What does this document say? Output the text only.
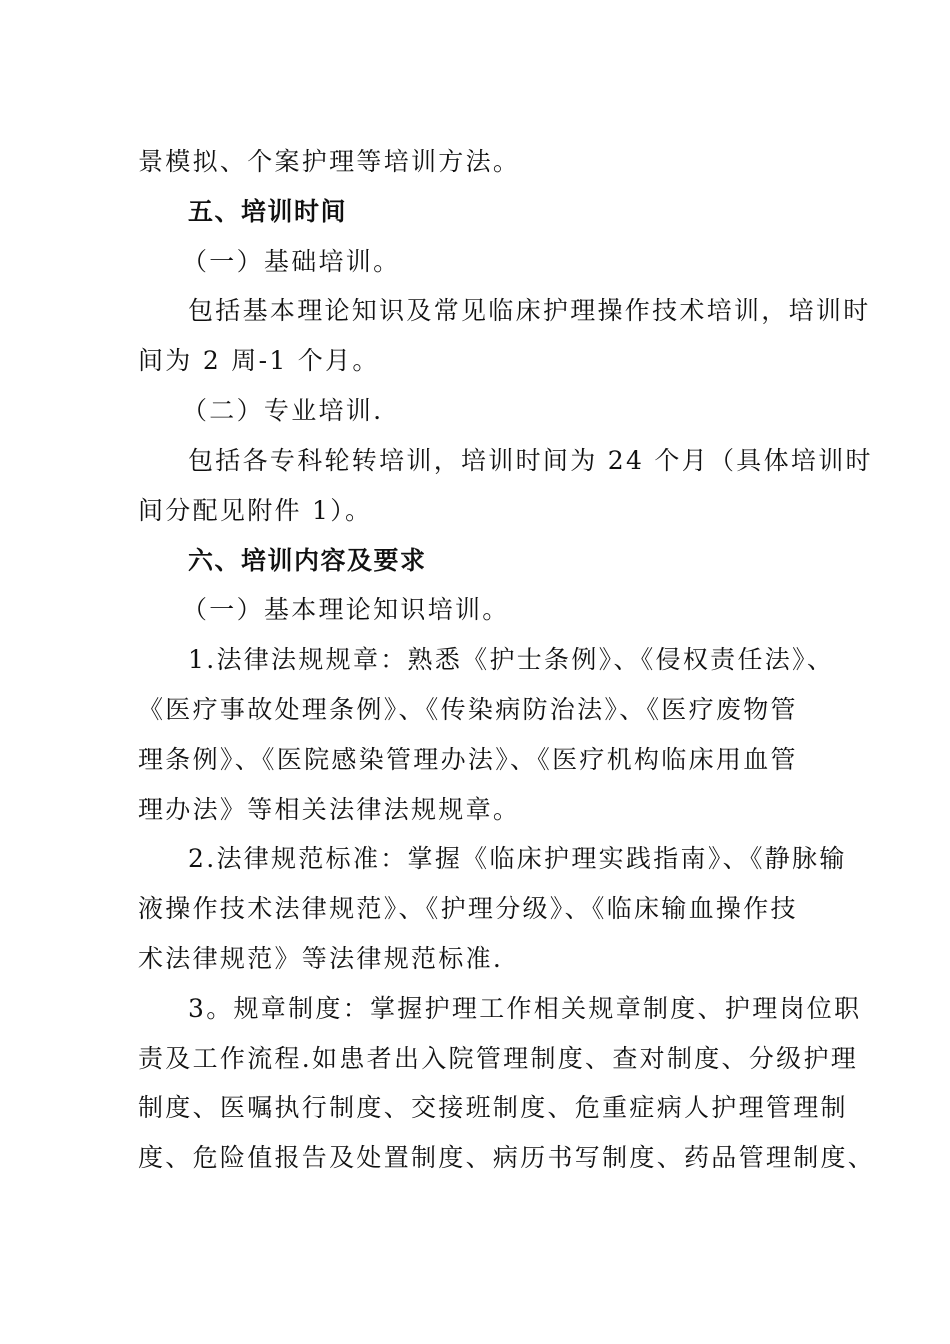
景模拟、个案护理等培训方法。
五、培训时间
（一）基础培训。
包括基本理论知识及常见临床护理操作技术培训，培训时
间为 2 周-1 个月。
（二）专业培训.
包括各专科轮转培训，培训时间为 24 个月（具体培训时
间分配见附件 1）。
六、培训内容及要求
（一）基本理论知识培训。
1.法律法规规章：熟悉《护士条例》、《侵权责任法》、
《医疗事故处理条例》、《传染病防治法》、《医疗废物管
理条例》、《医院感染管理办法》、《医疗机构临床用血管
理办法》等相关法律法规规章。
2.法律规范标准：掌握《临床护理实践指南》、《静脉输
液操作技术法律规范》、《护理分级》、《临床输血操作技
术法律规范》等法律规范标准.
3。规章制度：掌握护理工作相关规章制度、护理岗位职
责及工作流程.如患者出入院管理制度、查对制度、分级护理
制度、医嘱执行制度、交接班制度、危重症病人护理管理制
度、危险值报告及处置制度、病历书写制度、药品管理制度、
